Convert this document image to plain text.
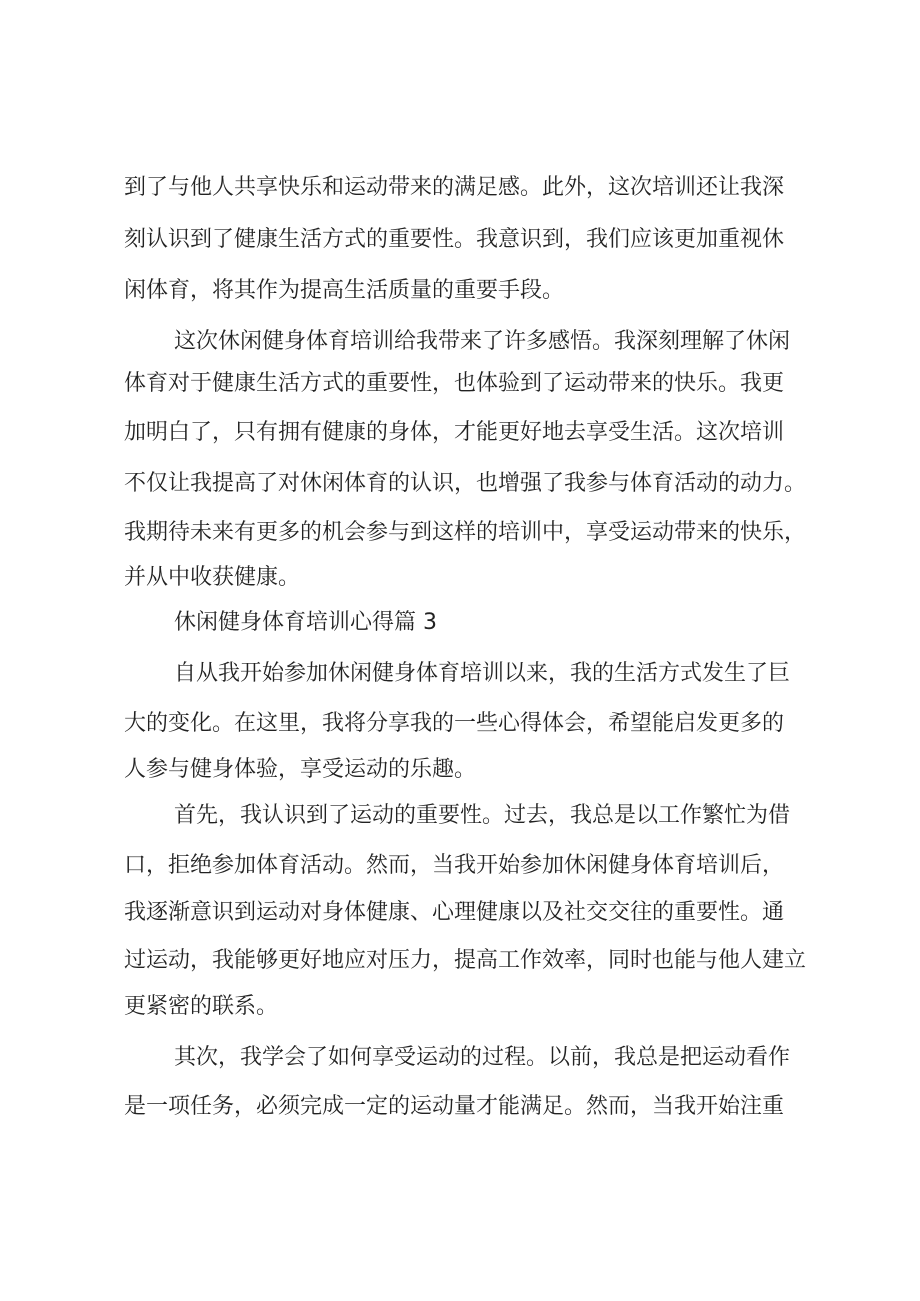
到了与他人共享快乐和运动带来的满足感。此外，这次培训还让我深
刻认识到了健康生活方式的重要性。我意识到，我们应该更加重视休
闲体育，将其作为提高生活质量的重要手段。
这次休闲健身体育培训给我带来了许多感悟。我深刻理解了休闲
体育对于健康生活方式的重要性，也体验到了运动带来的快乐。我更
加明白了，只有拥有健康的身体，才能更好地去享受生活。这次培训
不仅让我提高了对休闲体育的认识，也增强了我参与体育活动的动力。
我期待未来有更多的机会参与到这样的培训中，享受运动带来的快乐，
并从中收获健康。
休闲健身体育培训心得篇 3
自从我开始参加休闲健身体育培训以来，我的生活方式发生了巨
大的变化。在这里，我将分享我的一些心得体会，希望能启发更多的
人参与健身体验，享受运动的乐趣。
首先，我认识到了运动的重要性。过去，我总是以工作繁忙为借
口，拒绝参加体育活动。然而，当我开始参加休闲健身体育培训后，
我逐渐意识到运动对身体健康、心理健康以及社交交往的重要性。通
过运动，我能够更好地应对压力，提高工作效率，同时也能与他人建立
更紧密的联系。
其次，我学会了如何享受运动的过程。以前，我总是把运动看作
是一项任务，必须完成一定的运动量才能满足。然而，当我开始注重
